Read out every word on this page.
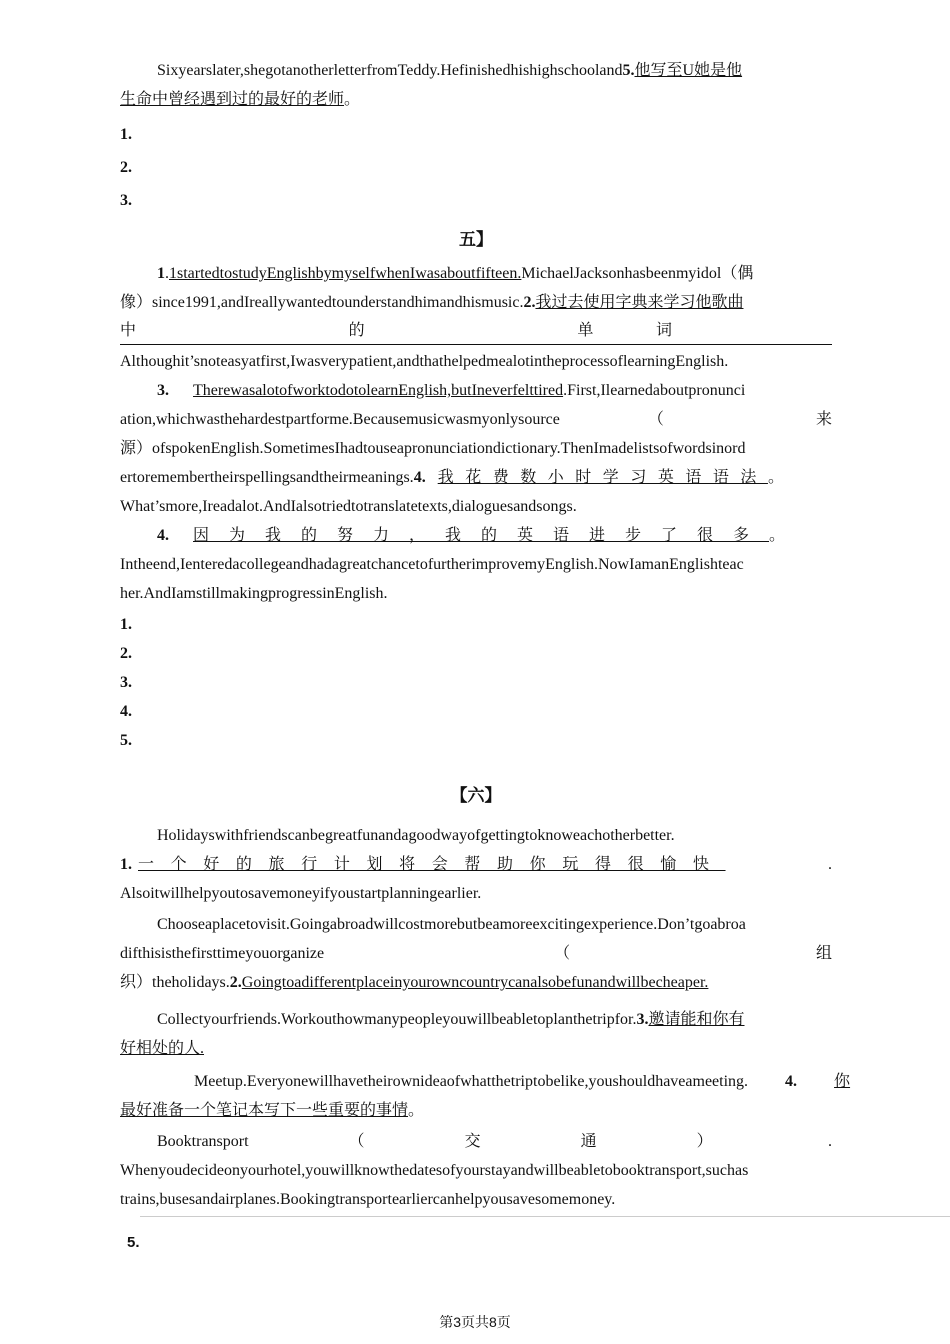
Sixyearslater,shegotanotherletterfromTeddy.Hefinishedhishighschooland5.他写至U她是他
生命中曾经遇到过的最好的老师。
1.
2.
3.
五】
1.1startedtostudyEnglishbymyselfwhenIwasaboutfifteen.MichaelJacksonhasbeenmyidol（偶
像）since1991,andIreallywantedtounderstandhimandhismusic.2.我过去使用字典来学习他歌曲
中	的	单	词
Althoughit’snoteasyatfirst,Iwasverypatient,andthathelpedmealotintheprocessoflearningEnglish.
3. TherewasalotofworktodotolearnEnglish,butIneverfelttired.First,Ilearnedaboutpronunci
ation,whichwasthehardestpartforme.Becausemusicwasmyonlysource	（	来
源）ofspokenEnglish.SometimesIhadtouseapronunciationdictionary.ThenImadelistsofwordsinord
ertoremembertheirspellingsandtheirmeanings.4. 我花费数小时学习英语语法。
What’smore,Ireadalot.AndIalsotriedtotranslatetexts,dialoguesandsongs.
4. 因为我的努力，我的英语进步了很多。
Intheend,IenteredacollegeandhadagreatchancetofurtherimprovemyEnglish.NowIamanEnglishteac
her.AndIamstillmakingprogressinEnglish.
1.
2.
3.
4.
5.
【六】
Holidayswithfriendscanbegreatfunandagoodwayofgettingtoknoweachotherbetter.
1. 一个好的旅行计划将会帮助你玩得很愉快	.
Alsoitwillhelpyoutosavemoneyifyoustartplanningearlier.
Chooseaplacetovisit.Goingabroadwillcostmorebutbeamoreexcitingexperience.Don’tgoabroa
difthisisthefirsttimeyouorganize	（	组
织）theholidays.2.Goingtoadifferentplaceinyourowncountrycanalsobefunandwillbecheaper.
Collectyourfriends.Workouthowmanypeopleyouwillbeabletoplanthetripfor.3.邀请能和你有
好相处的人.
Meetup.Everyonewillhavetheirownideaofwhatthetriptobelike,youshouldhaveameeting.	4.	你
最好准备一个笔记本写下一些重要的事情。
Booktransport	（	交	通	）	.
Whenyoudecideonyourhotel,youwillknowthedatesofyourstayandwillbeabletobooktransport,suchas
trains,busesandairplanes.Bookingtransportearliercanhelpyousavesomemoney.
5.
第3页共8页
